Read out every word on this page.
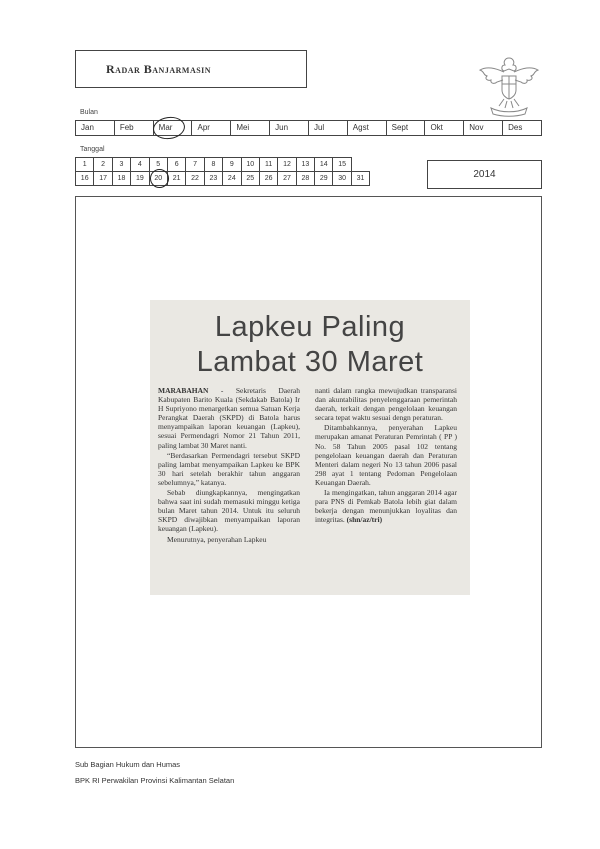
Radar Banjarmasin
Bulan
Jan	Feb	Mar	Apr	Mei	Jun	Jul	Agst	Sept	Okt	Nov	Des
Tanggal
1	2	3	4	5	6	7	8	9	10	11	12	13	14	15	
16	17	18	19	20	21	22	23	24	25	26	27	28	29	30	31	2014
Lapkeu Paling
Lambat 30 Maret

MARABAHAN - Sekretaris Daerah Kabupaten Barito Kuala (Sekdakab Batola) Ir H Supriyono menargetkan semua Satuan Kerja Perangkat Daerah (SKPD) di Batola harus menyampaikan laporan keuangan (Lapkeu), sesuai Permendagri Nomor 21 Tahun 2011, paling lambat 30 Maret nanti.

“Berdasarkan Permendagri tersebut SKPD paling lambat menyampaikan Lapkeu ke BPK 30 hari setelah berakhir tahun anggaran sebelumnya,” katanya.

Sebab diungkapkannya, mengingatkan bahwa saat ini sudah memasuki minggu ketiga bulan Maret tahun 2014. Untuk itu seluruh SKPD diwajibkan menyampaikan laporan keuangan (Lapkeu).

Menurutnya, penyerahan Lapkeu

nanti dalam rangka mewujudkan transparansi dan akuntabilitas penyelenggaraan pemerintah daerah, terkait dengan pengelolaan keuangan secara tepat waktu sesuai dengn peraturan.

Ditambahkannya, penyerahan Lapkeu merupakan amanat Peraturan Pemrintah ( PP ) No. 58 Tahun 2005 pasal 102 tentang pengelolaan keuangan daerah dan Peraturan Menteri dalam negeri No 13 tahun 2006 pasal 298 ayat 1 tentang Pedoman Pengelolaan Keuangan Daerah.

Ia mengingatkan, tahun anggaran 2014 agar para PNS di Pemkab Batola lebih giat dalam bekerja dengan menunjukkan loyalitas dan integritas. (shn/az/tri)

Sub Bagian Hukum dan Humas
BPK RI Perwakilan Provinsi Kalimantan Selatan
